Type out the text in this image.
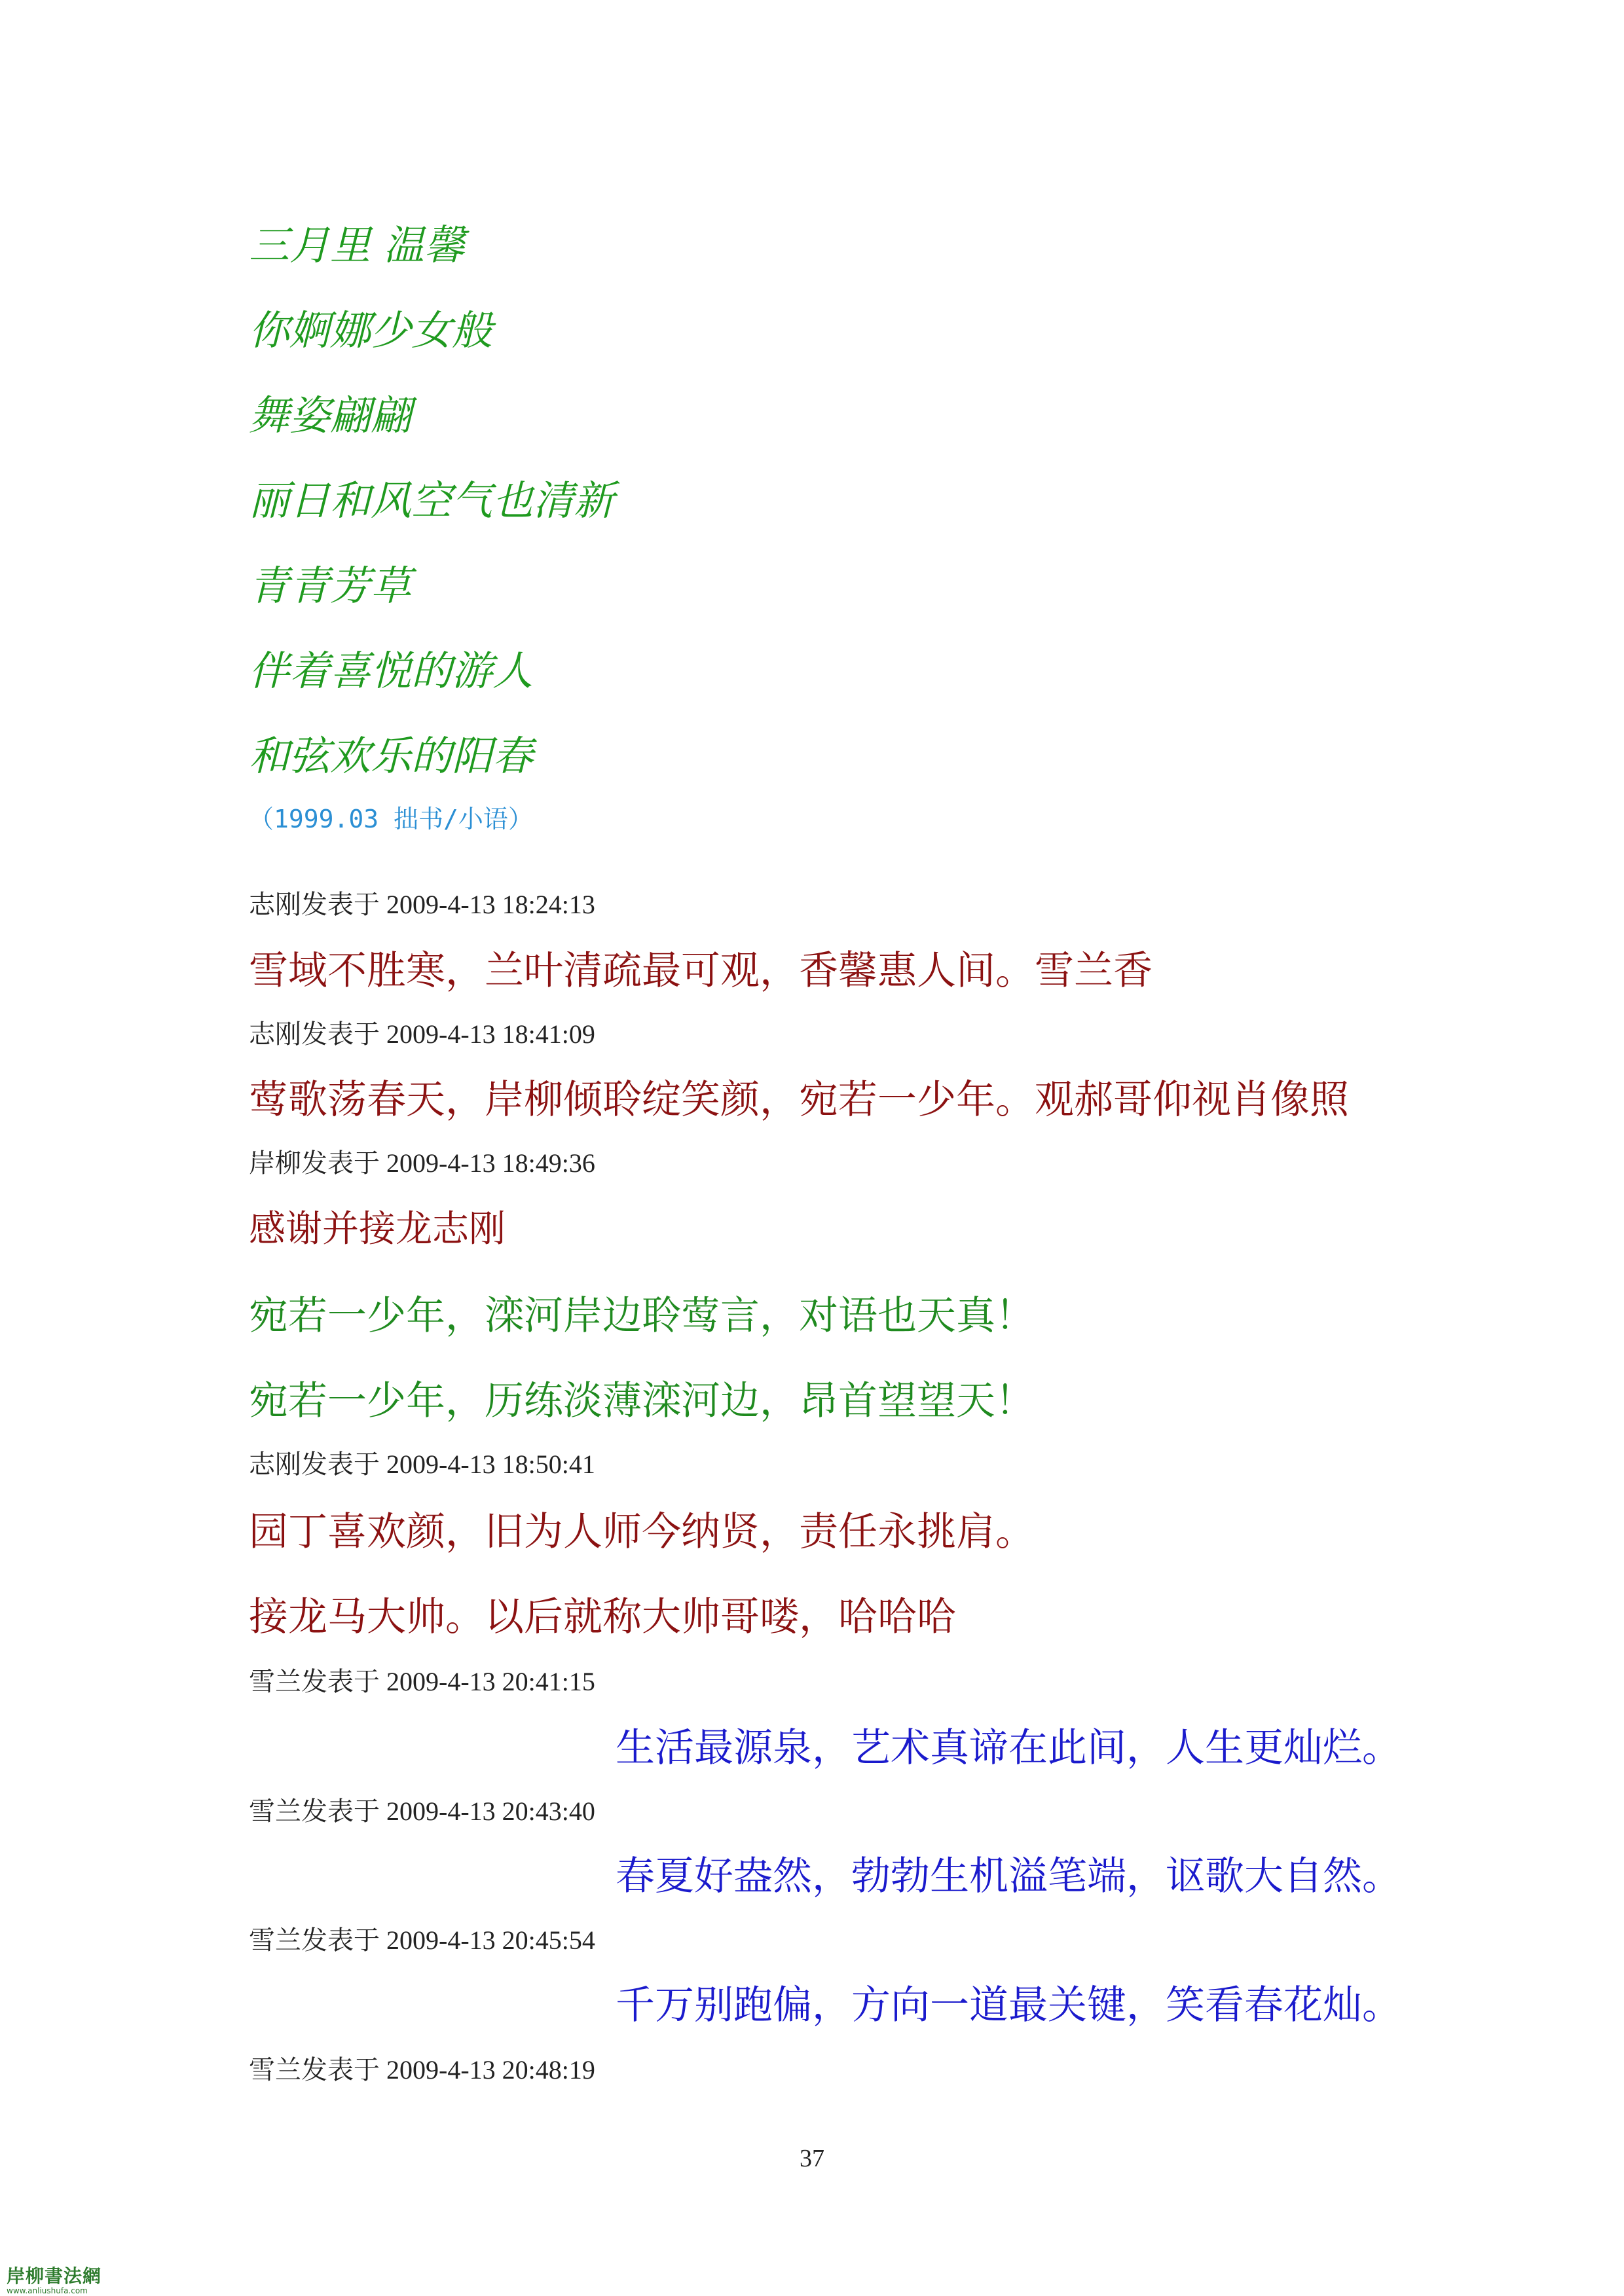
三月里 温馨
你婀娜少女般
舞姿翩翩
丽日和风空气也清新
青青芳草
伴着喜悦的游人
和弦欢乐的阳春
（1999.03 拙书/小语）
志刚发表于 2009-4-13 18:24:13
雪域不胜寒，兰叶清疏最可观，香馨惠人间。雪兰香
志刚发表于 2009-4-13 18:41:09
莺歌荡春天，岸柳倾聆绽笑颜，宛若一少年。观郝哥仰视肖像照
岸柳发表于 2009-4-13 18:49:36
感谢并接龙志刚
宛若一少年，滦河岸边聆莺言，对语也天真！
宛若一少年，历练淡薄滦河边，昂首望望天！
志刚发表于 2009-4-13 18:50:41
园丁喜欢颜，旧为人师今纳贤，责任永挑肩。
接龙马大帅。以后就称大帅哥喽，哈哈哈
雪兰发表于 2009-4-13 20:41:15
生活最源泉，艺术真谛在此间，人生更灿烂。
雪兰发表于 2009-4-13 20:43:40
春夏好盎然，勃勃生机溢笔端，讴歌大自然。
雪兰发表于 2009-4-13 20:45:54
千万别跑偏，方向一道最关键，笑看春花灿。
雪兰发表于 2009-4-13 20:48:19
37
岸柳書法網
www.anliushufa.com
